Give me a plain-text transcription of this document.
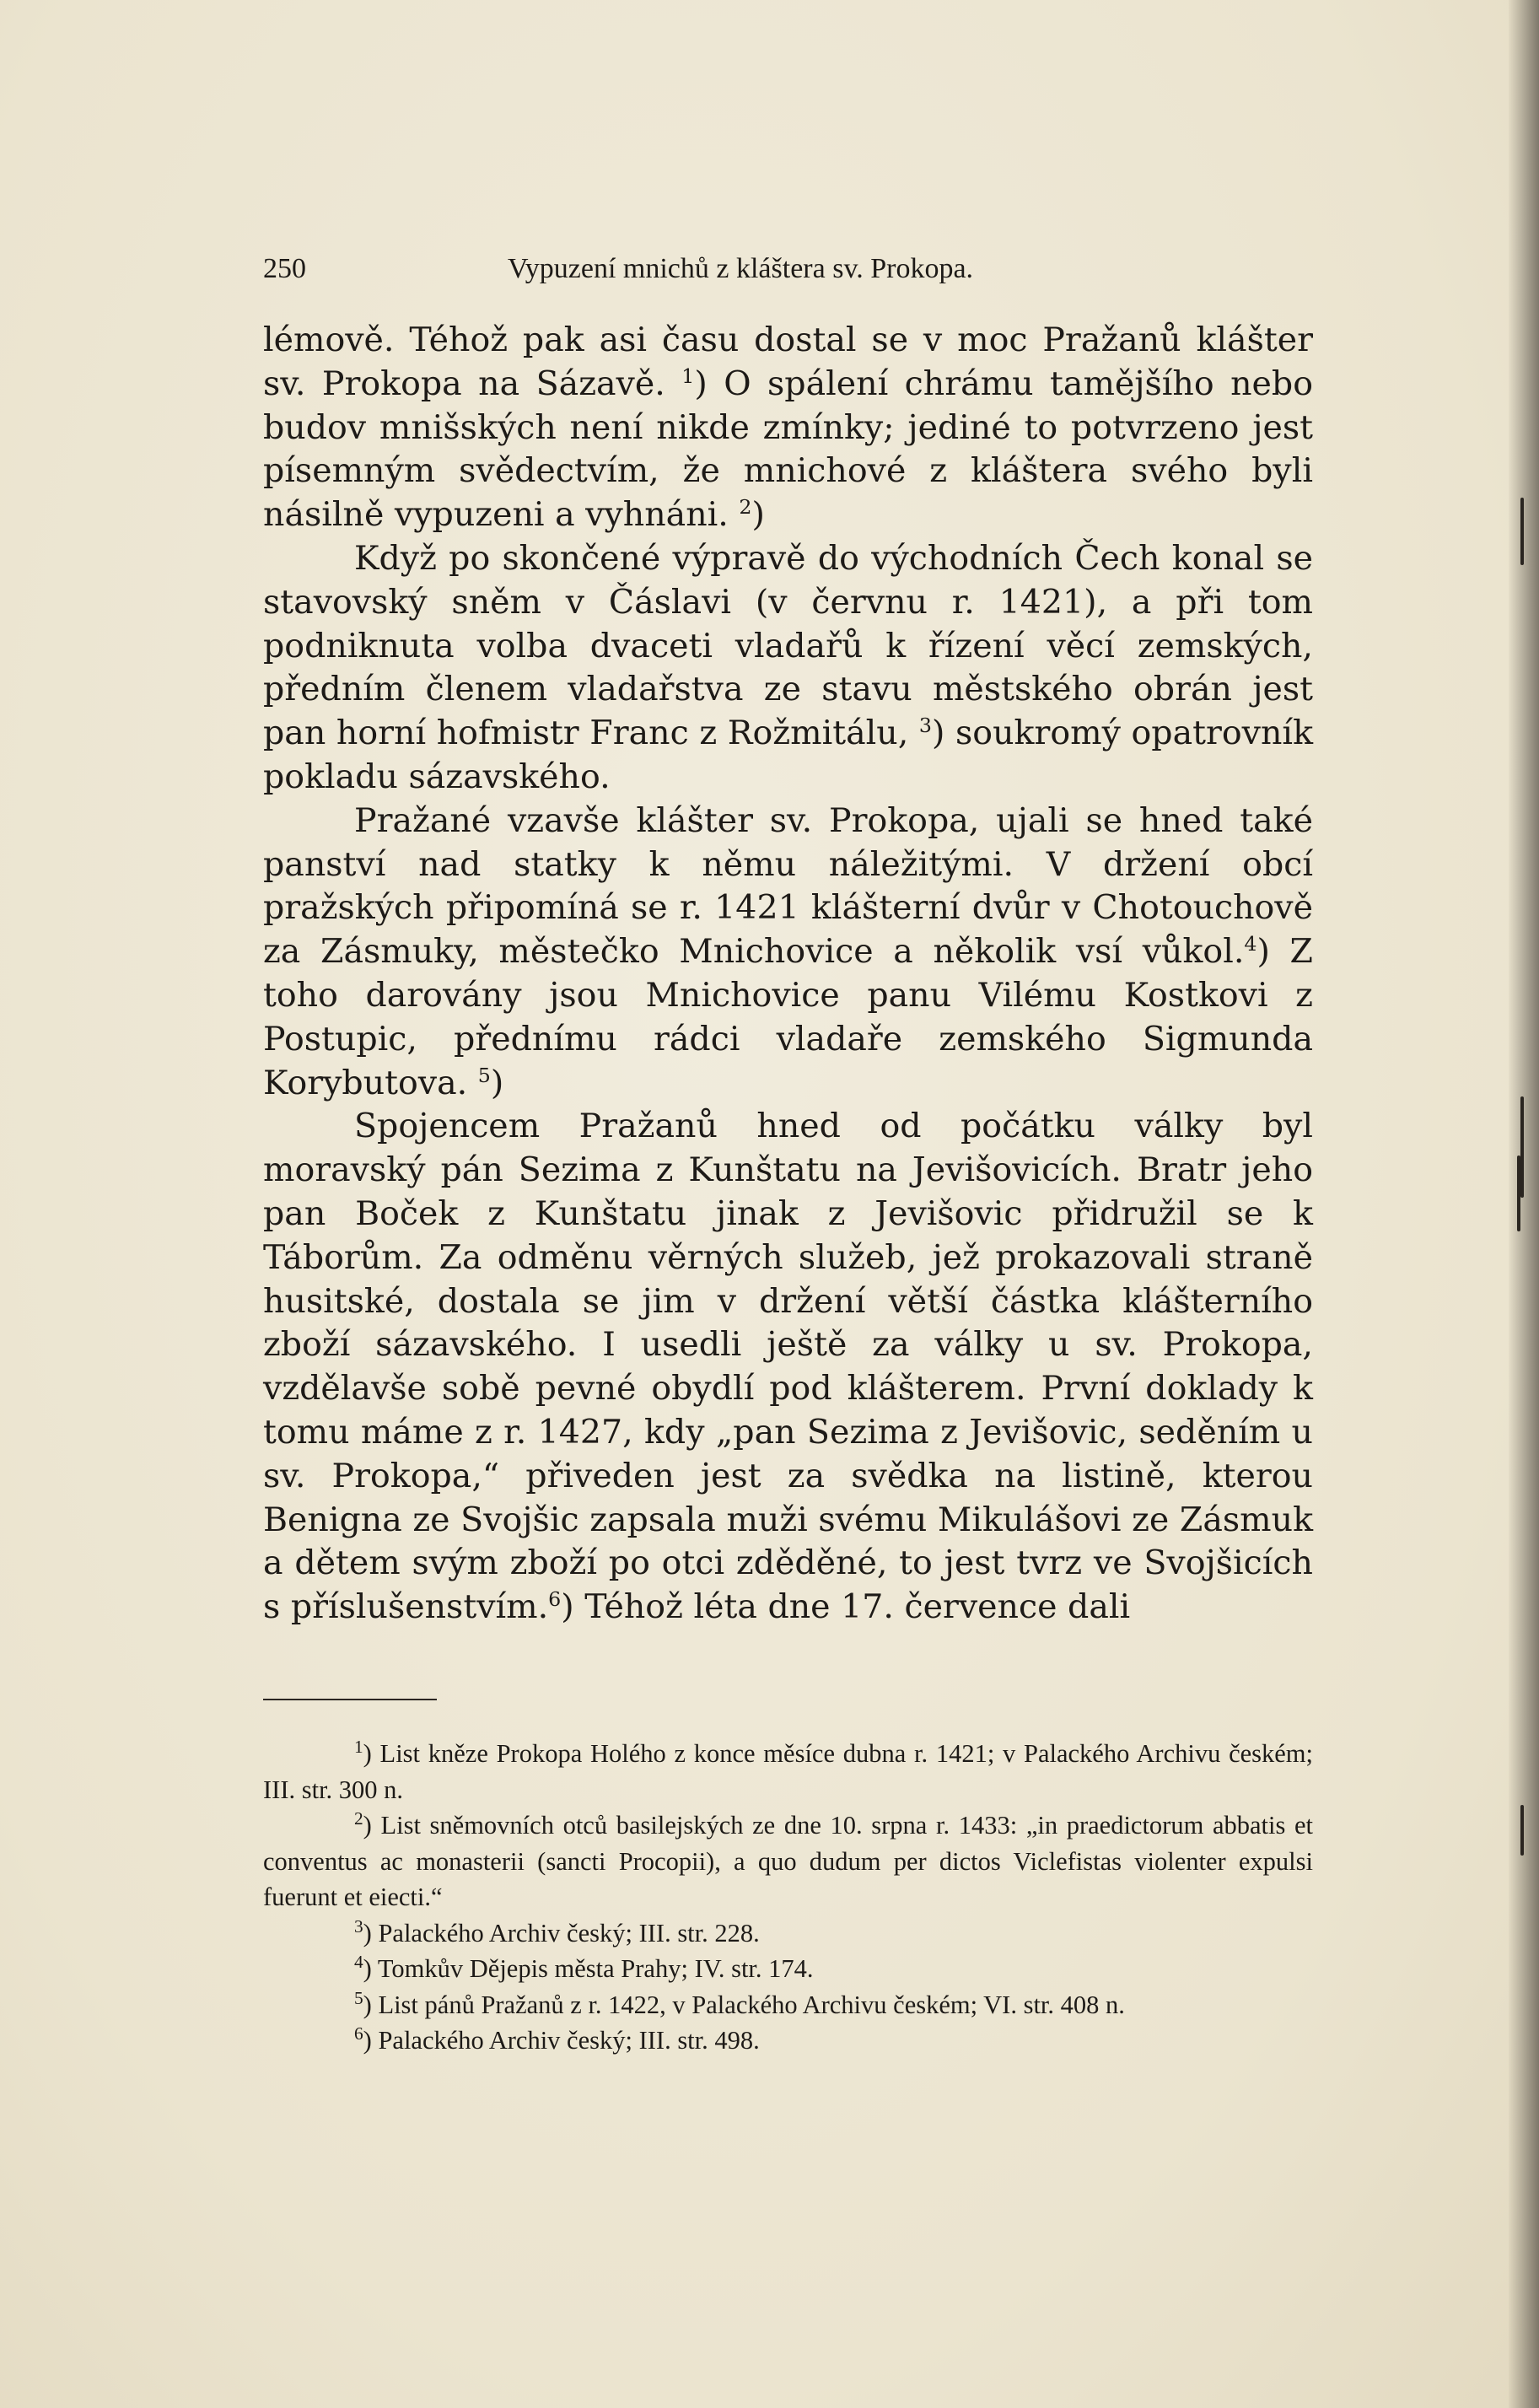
250	Vypuzení mnichů z kláštera sv. Prokopa.

lémově. Téhož pak asi času dostal se v moc Pražanů klášter sv. Prokopa na Sázavě. $^1$) O spálení chrámu tamějšího nebo budov mnišských není nikde zmínky; jediné to potvrzeno jest písemným svědectvím, že mnichové z kláštera svého byli násilně vypuzeni a vyhnáni. $^2$)

Když po skončené výpravě do východních Čech konal se stavovský sněm v Čáslavi (v červnu r. 1421), a při tom podniknuta volba dvaceti vladařů k řízení věcí zemských, předním členem vladařstva ze stavu městského obrán jest pan horní hofmistr Franc z Rožmitálu, $^3$) soukromý opatrovník pokladu sázavského.

Pražané vzavše klášter sv. Prokopa, ujali se hned také panství nad statky k němu náležitými. V držení obcí pražských připomíná se r. 1421 klášterní dvůr v Chotouchově za Zásmuky, městečko Mnichovice a několik vsí vůkol.$^4$) Z toho darovány jsou Mnichovice panu Vilému Kostkovi z Postupic, přednímu rádci vladaře zemského Sigmunda Korybutova. $^5$)

Spojencem Pražanů hned od počátku války byl moravský pán Sezima z Kunštatu na Jevišovicích. Bratr jeho pan Boček z Kunštatu jinak z Jevišovic přidružil se k Táborům. Za odměnu věrných služeb, jež prokazovali straně husitské, dostala se jim v držení větší částka klášterního zboží sázavského. I usedli ještě za války u sv. Prokopa, vzdělavše sobě pevné obydlí pod klášterem. První doklady k tomu máme z r. 1427, kdy „pan Sezima z Jevišovic, seděním u sv. Prokopa,“ přiveden jest za svědka na listině, kterou Benigna ze Svojšic zapsala muži svému Mikulášovi ze Zásmuk a dětem svým zboží po otci zděděné, to jest tvrz ve Svojšicích s příslušenstvím.$^6$) Téhož léta dne 17. července dali

$^1$) List kněze Prokopa Holého z konce měsíce dubna r. 1421; v Palackého Archivu českém; III. str. 300 n.

$^2$) List sněmovních otců basilejských ze dne 10. srpna r. 1433: „in praedictorum abbatis et conventus ac monasterii (sancti Procopii), a quo dudum per dictos Viclefistas violenter expulsi fuerunt et eiecti.“

$^3$) Palackého Archiv český; III. str. 228.

$^4$) Tomkův Dějepis města Prahy; IV. str. 174.

$^5$) List pánů Pražanů z r. 1422, v Palackého Archivu českém; VI. str. 408 n.

$^6$) Palackého Archiv český; III. str. 498.
